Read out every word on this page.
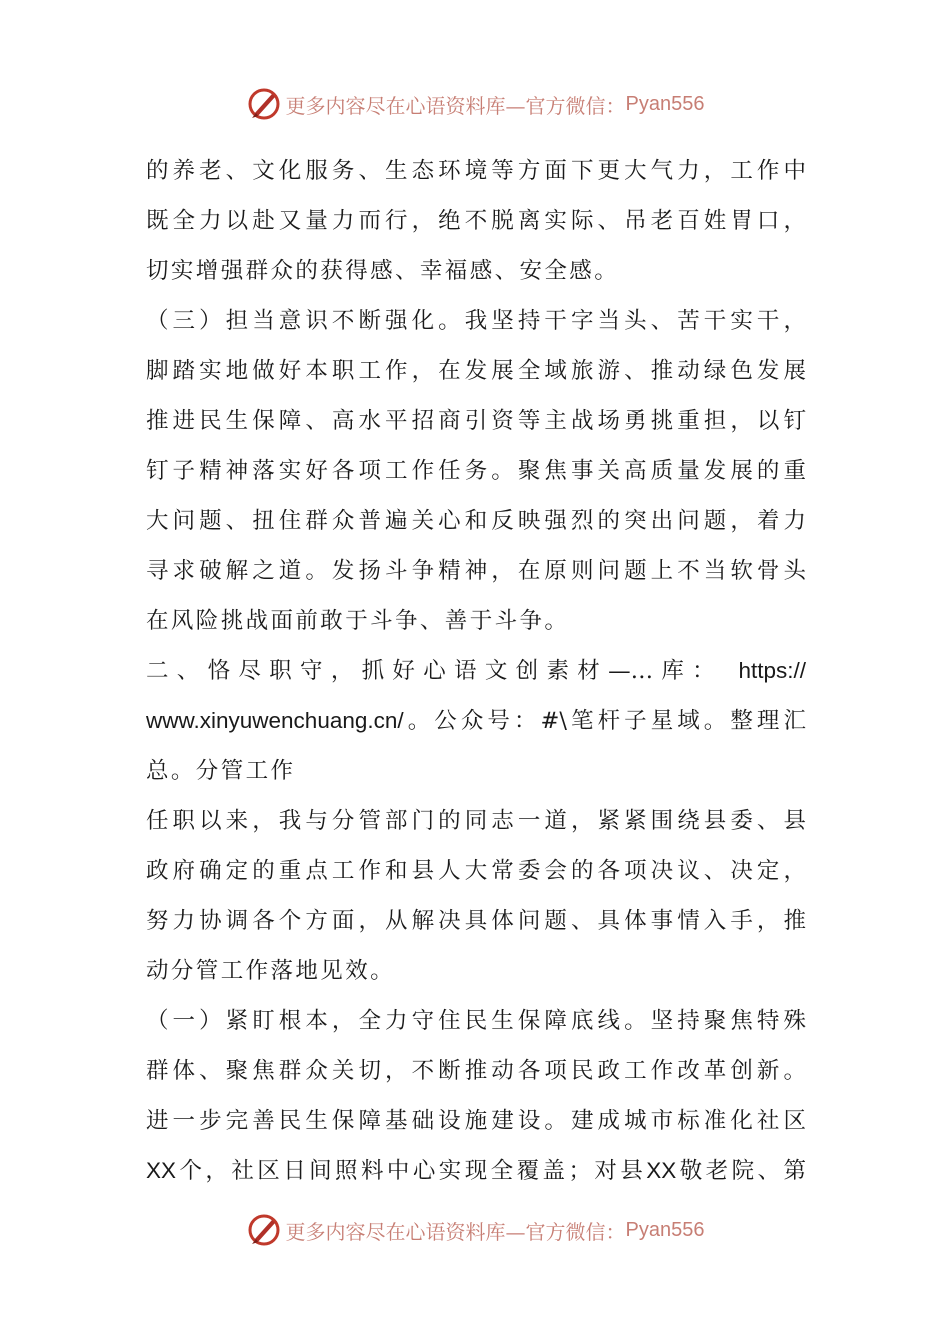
更多内容尽在心语资料库—官方微信： Pyan556
的养老、文化服务、生态环境等方面下更大气力，工作中
既全力以赴又量力而行，绝不脱离实际、吊老百姓胃口，
切实增强群众的获得感、幸福感、安全感。
（三）担当意识不断强化。我坚持干字当头、苦干实干，
脚踏实地做好本职工作，在发展全域旅游、推动绿色发展
推进民生保障、高水平招商引资等主战场勇挑重担，以钉
钉子精神落实好各项工作任务。聚焦事关高质量发展的重
大问题、扭住群众普遍关心和反映强烈的突出问题，着力
寻求破解之道。发扬斗争精神，在原则问题上不当软骨头
在风险挑战面前敢于斗争、善于斗争。
二、恪尽职守，抓好心语文创素材—…库： https://
www.xinyuwenchuang.cn/。公众号：#\笔杆子星域。整理汇
总。分管工作
任职以来，我与分管部门的同志一道，紧紧围绕县委、县
政府确定的重点工作和县人大常委会的各项决议、决定，
努力协调各个方面，从解决具体问题、具体事情入手，推
动分管工作落地见效。
（一）紧盯根本，全力守住民生保障底线。坚持聚焦特殊
群体、聚焦群众关切，不断推动各项民政工作改革创新。
进一步完善民生保障基础设施建设。建成城市标准化社区
XX个，社区日间照料中心实现全覆盖；对县XX敬老院、第
更多内容尽在心语资料库—官方微信： Pyan556
